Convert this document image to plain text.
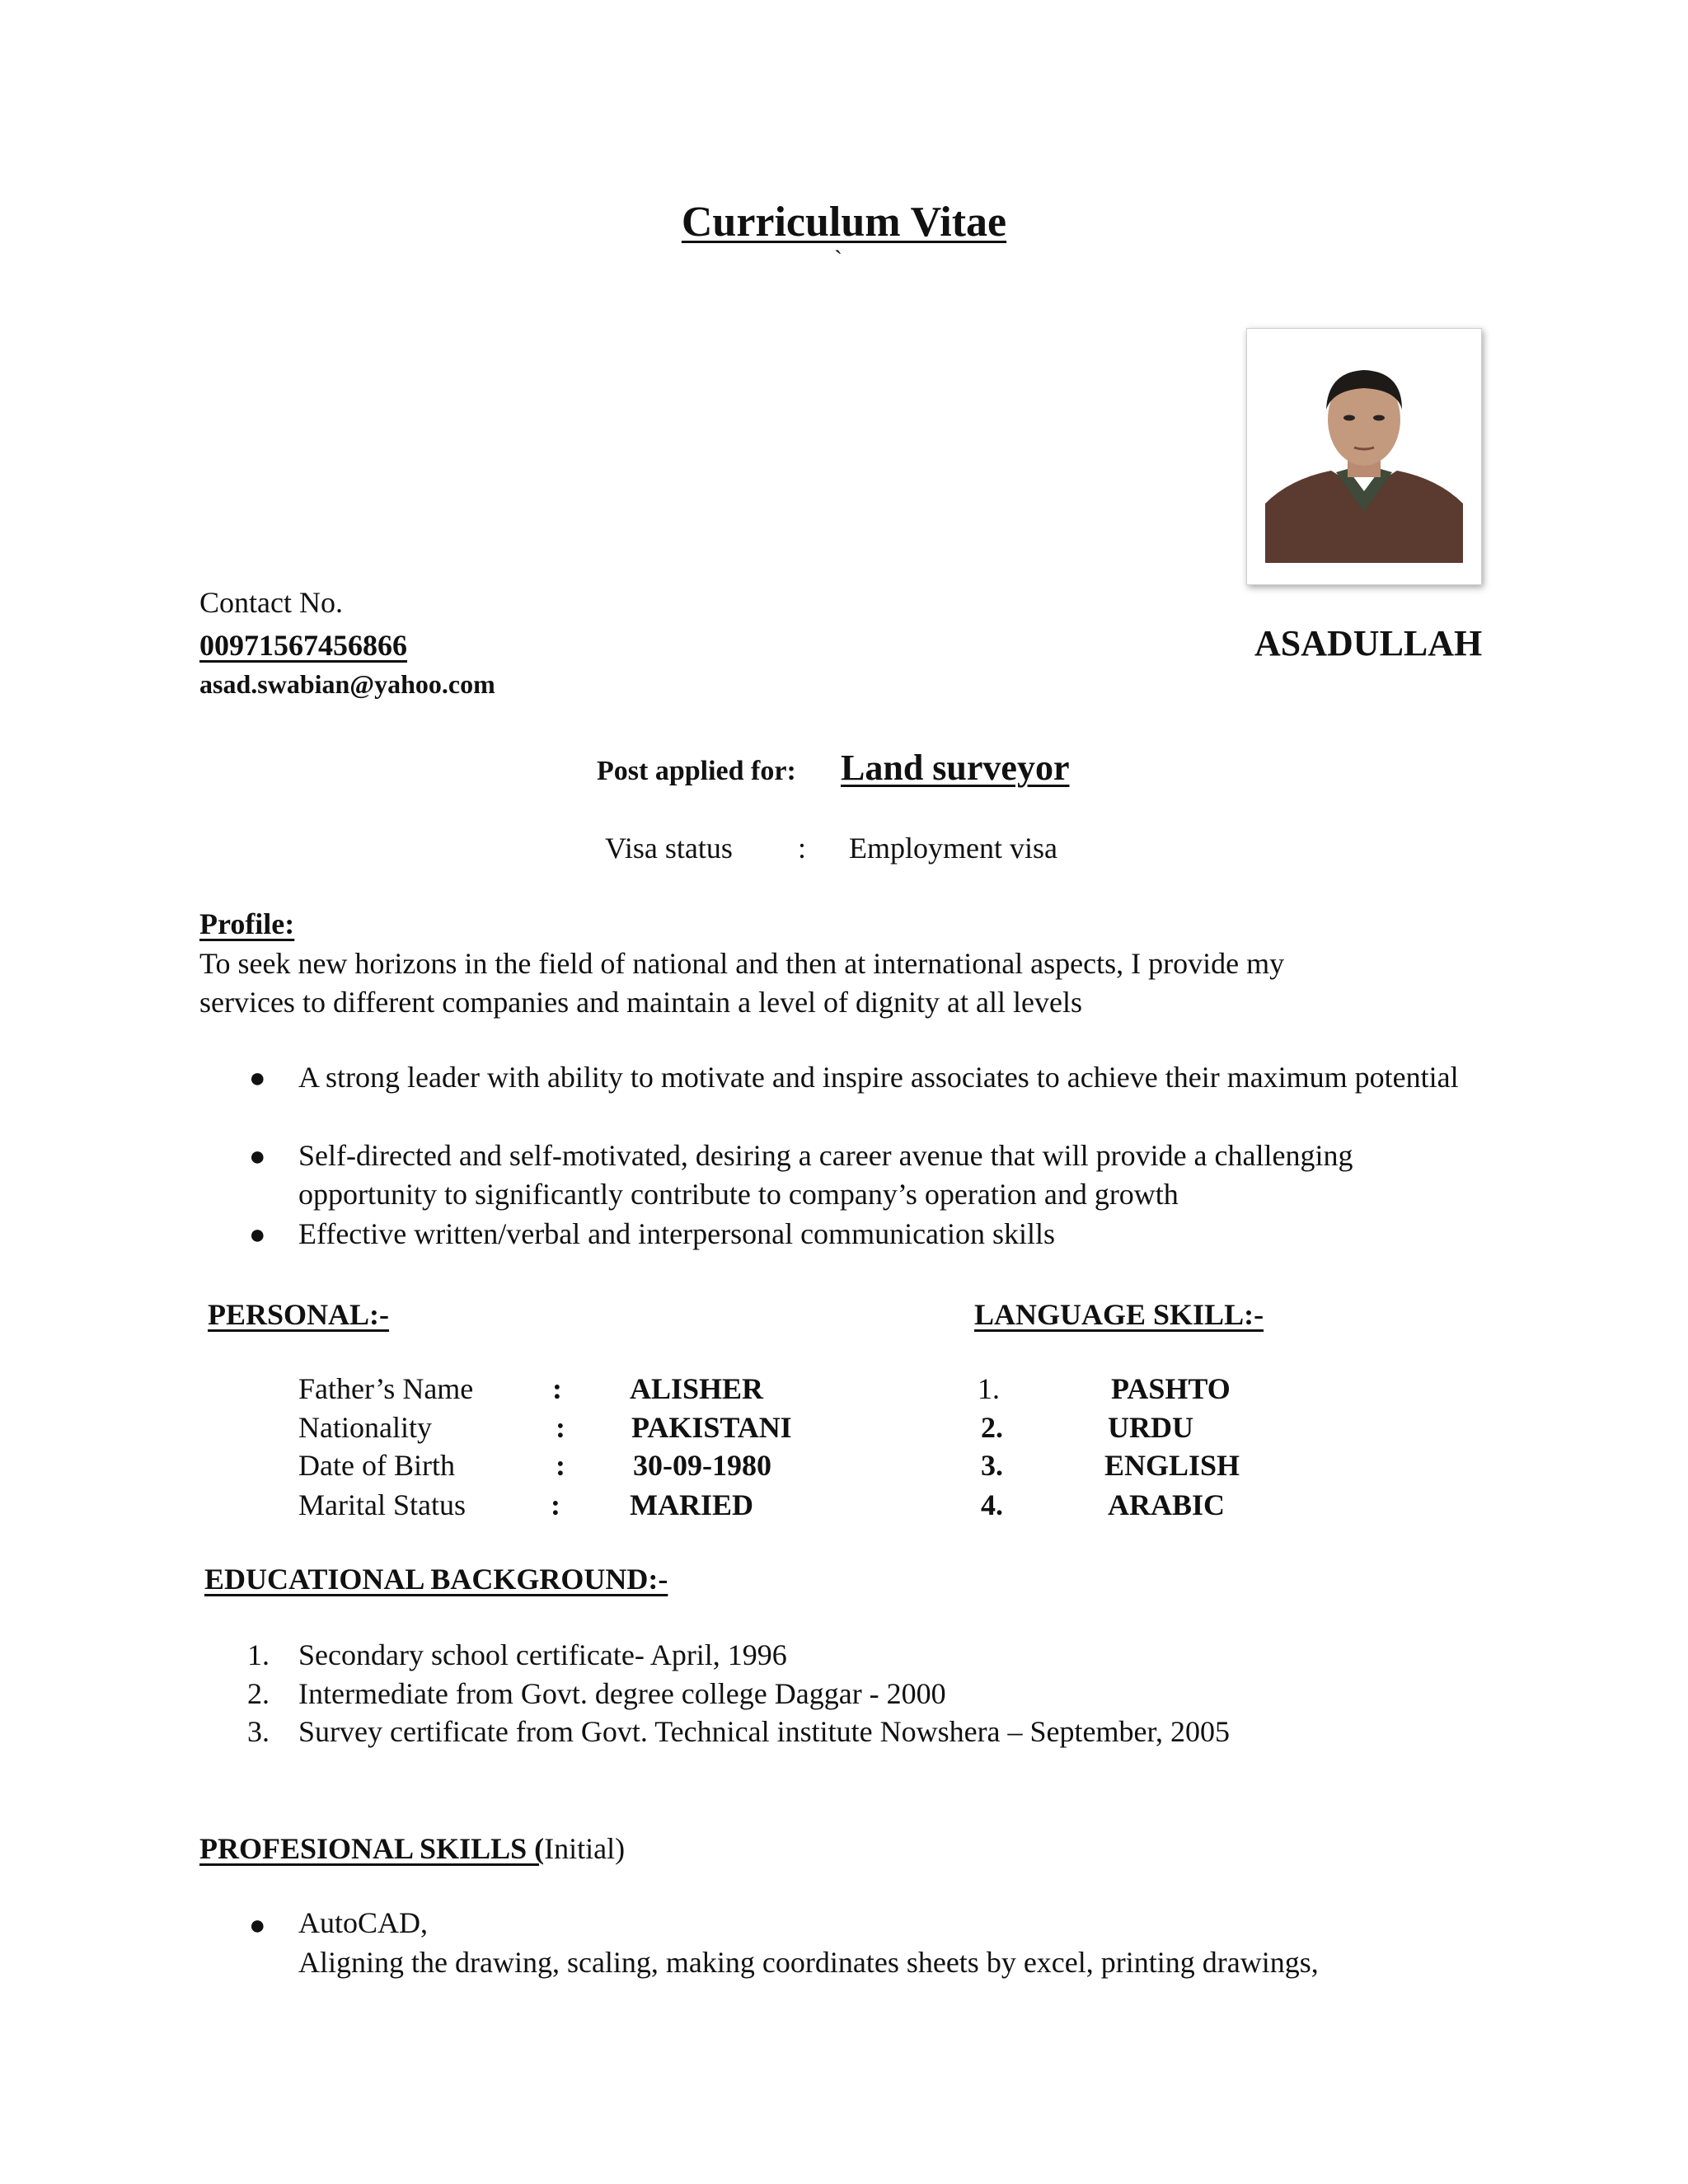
Curriculum Vitae
`
Contact No.
00971567456866
asad.swabian@yahoo.com
ASADULLAH
Post applied for: Land surveyor
Visa status : Employment visa
Profile:
To seek new horizons in the field of national and then at international aspects, I provide my
services to different companies and maintain a level of dignity at all levels
● A strong leader with ability to motivate and inspire associates to achieve their maximum potential
● Self-directed and self-motivated, desiring a career avenue that will provide a challenging opportunity to significantly contribute to company’s operation and growth
● Effective written/verbal and interpersonal communication skills
PERSONAL:-	LANGUAGE SKILL:-
Father’s Name	: ALISHER
Nationality	: PAKISTANI
Date of Birth	: 30-09-1980
Marital Status	: MARIED
1.	PASHTO
2.	URDU
3.	ENGLISH
4.	ARABIC
EDUCATIONAL BACKGROUND:-
1. Secondary school certificate- April, 1996
2. Intermediate from Govt. degree college Daggar - 2000
3. Survey certificate from Govt. Technical institute Nowshera – September, 2005
PROFESIONAL SKILLS (Initial)
● AutoCAD,
Aligning the drawing, scaling, making coordinates sheets by excel, printing drawings,
